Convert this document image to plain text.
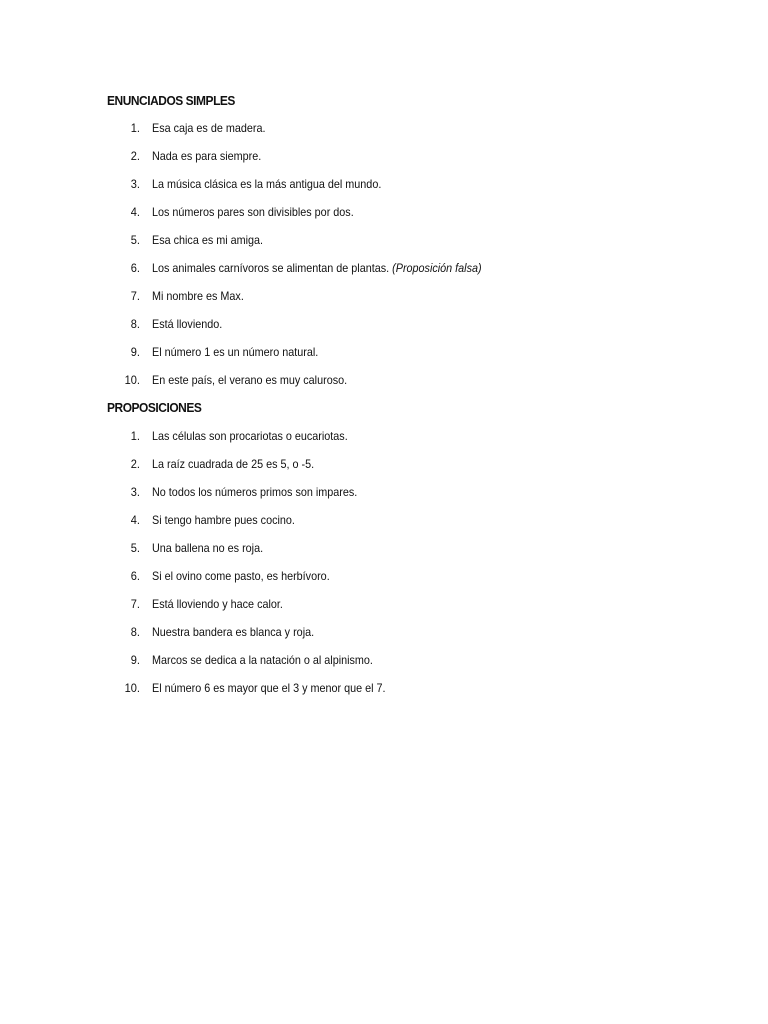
ENUNCIADOS SIMPLES
1. Esa caja es de madera.
2. Nada es para siempre.
3. La música clásica es la más antigua del mundo.
4. Los números pares son divisibles por dos.
5. Esa chica es mi amiga.
6. Los animales carnívoros se alimentan de plantas. (Proposición falsa)
7. Mi nombre es Max.
8. Está lloviendo.
9. El número 1 es un número natural.
10. En este país, el verano es muy caluroso.
PROPOSICIONES
1. Las células son procariotas o eucariotas.
2. La raíz cuadrada de 25 es 5, o -5.
3. No todos los números primos son impares.
4. Si tengo hambre pues cocino.
5. Una ballena no es roja.
6. Si el ovino come pasto, es herbívoro.
7. Está lloviendo y hace calor.
8. Nuestra bandera es blanca y roja.
9. Marcos se dedica a la natación o al alpinismo.
10. El número 6 es mayor que el 3 y menor que el 7.
